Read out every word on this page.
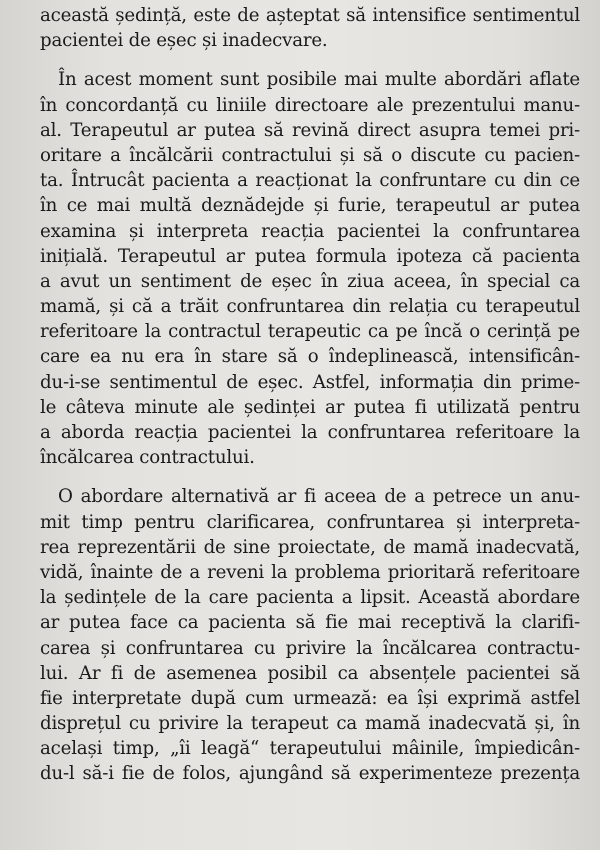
această ședință, este de așteptat să intensifice sentimentul
pacientei de eșec și inadecvare.
În acest moment sunt posibile mai multe abordări aflate
în concordanță cu liniile directoare ale prezentului manu-
al. Terapeutul ar putea să revină direct asupra temei pri-
oritare a încălcării contractului și să o discute cu pacien-
ta. Întrucât pacienta a reacționat la confruntare cu din ce
în ce mai multă deznădejde și furie, terapeutul ar putea
examina și interpreta reacția pacientei la confruntarea
inițială. Terapeutul ar putea formula ipoteza că pacienta
a avut un sentiment de eșec în ziua aceea, în special ca
mamă, și că a trăit confruntarea din relația cu terapeutul
referitoare la contractul terapeutic ca pe încă o cerință pe
care ea nu era în stare să o îndeplinească, intensificân-
du-i-se sentimentul de eșec. Astfel, informația din prime-
le câteva minute ale ședinței ar putea fi utilizată pentru
a aborda reacția pacientei la confruntarea referitoare la
încălcarea contractului.
O abordare alternativă ar fi aceea de a petrece un anu-
mit timp pentru clarificarea, confruntarea și interpreta-
rea reprezentării de sine proiectate, de mamă inadecvată,
vidă, înainte de a reveni la problema prioritară referitoare
la ședințele de la care pacienta a lipsit. Această abordare
ar putea face ca pacienta să fie mai receptivă la clarifi-
carea și confruntarea cu privire la încălcarea contractu-
lui. Ar fi de asemenea posibil ca absențele pacientei să
fie interpretate după cum urmează: ea își exprimă astfel
disprețul cu privire la terapeut ca mamă inadecvată și, în
același timp, „îi leagă“ terapeutului mâinile, împiedicân-
du-l să-i fie de folos, ajungând să experimenteze prezența
